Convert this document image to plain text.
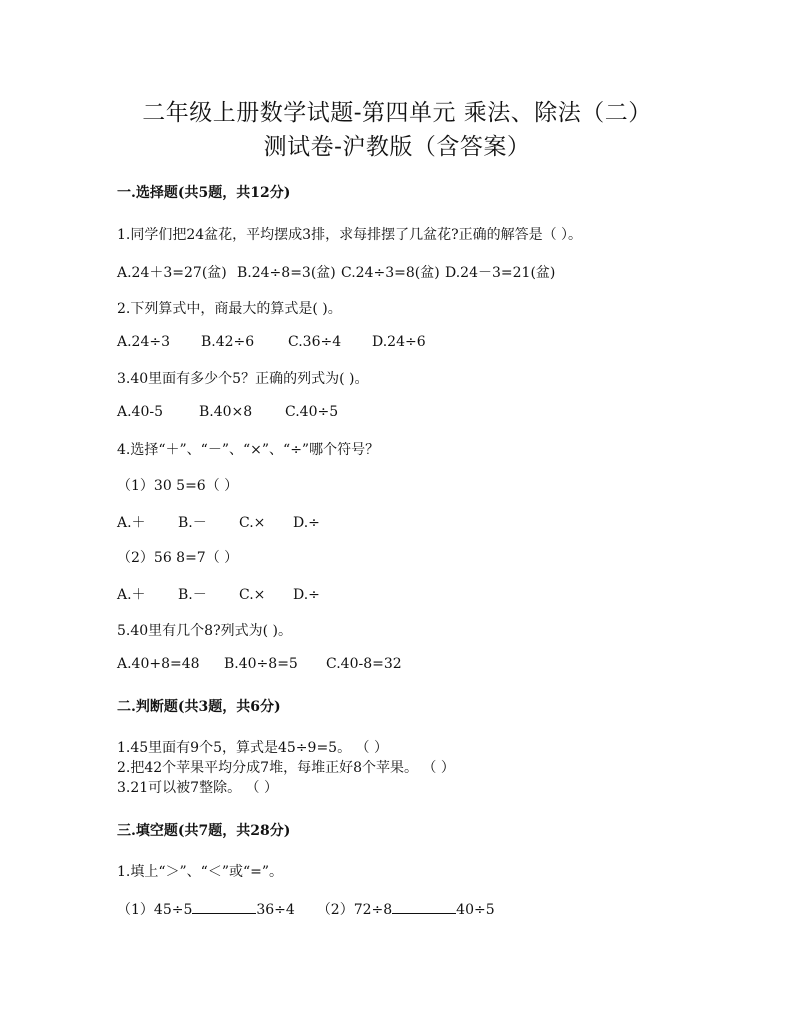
二年级上册数学试题-第四单元 乘法、除法（二）
测试卷-沪教版（含答案）
一.选择题(共5题，共12分)
1.同学们把24盆花，平均摆成3排，求每排摆了几盆花?正确的解答是（ ）。
A.24＋3=27(盆) B.24÷8=3(盆) C.24÷3=8(盆) D.24－3=21(盆)
2.下列算式中，商最大的算式是( )。
A.24÷3 B.42÷6 C.36÷4 D.24÷6
3.40里面有多少个5？正确的列式为( )。
A.40-5	B.40×8 C.40÷5
4.选择“＋”、“－”、“×”、“÷”哪个符号？
（1）30 5=6（ ）
A.＋ B.－ C.× D.÷
（2）56 8=7（ ）
A.＋ B.－ C.× D.÷
5.40里有几个8?列式为( )。
A.40+8=48 B.40÷8=5 C.40-8=32
二.判断题(共3题，共6分)
1.45里面有9个5，算式是45÷9=5。 （ ）
2.把42个苹果平均分成7堆，每堆正好8个苹果。 （ ）
3.21可以被7整除。 （ ）
三.填空题(共7题，共28分)
1.填上“＞”、“＜”或“=”。
（1）45÷5	36÷4 （2）72÷8	40÷5
